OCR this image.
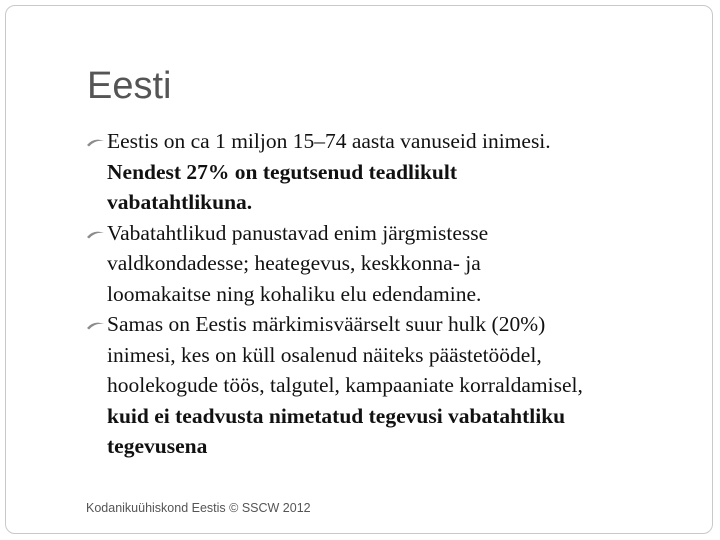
Eesti
Eestis on ca 1 miljon 15–74 aasta vanuseid inimesi.
Nendest 27% on tegutsenud teadlikult
vabatahtlikuna.
Vabatahtlikud panustavad enim järgmistesse
valdkondadesse; heategevus, keskkonna- ja
loomakaitse ning kohaliku elu edendamine.
Samas on Eestis märkimisväärselt suur hulk (20%)
inimesi, kes on küll osalenud näiteks päästetöödel,
hoolekogude töös, talgutel, kampaaniate korraldamisel,
kuid ei teadvusta nimetatud tegevusi vabatahtliku
tegevusena
Kodanikuühiskond Eestis © SSCW 2012
